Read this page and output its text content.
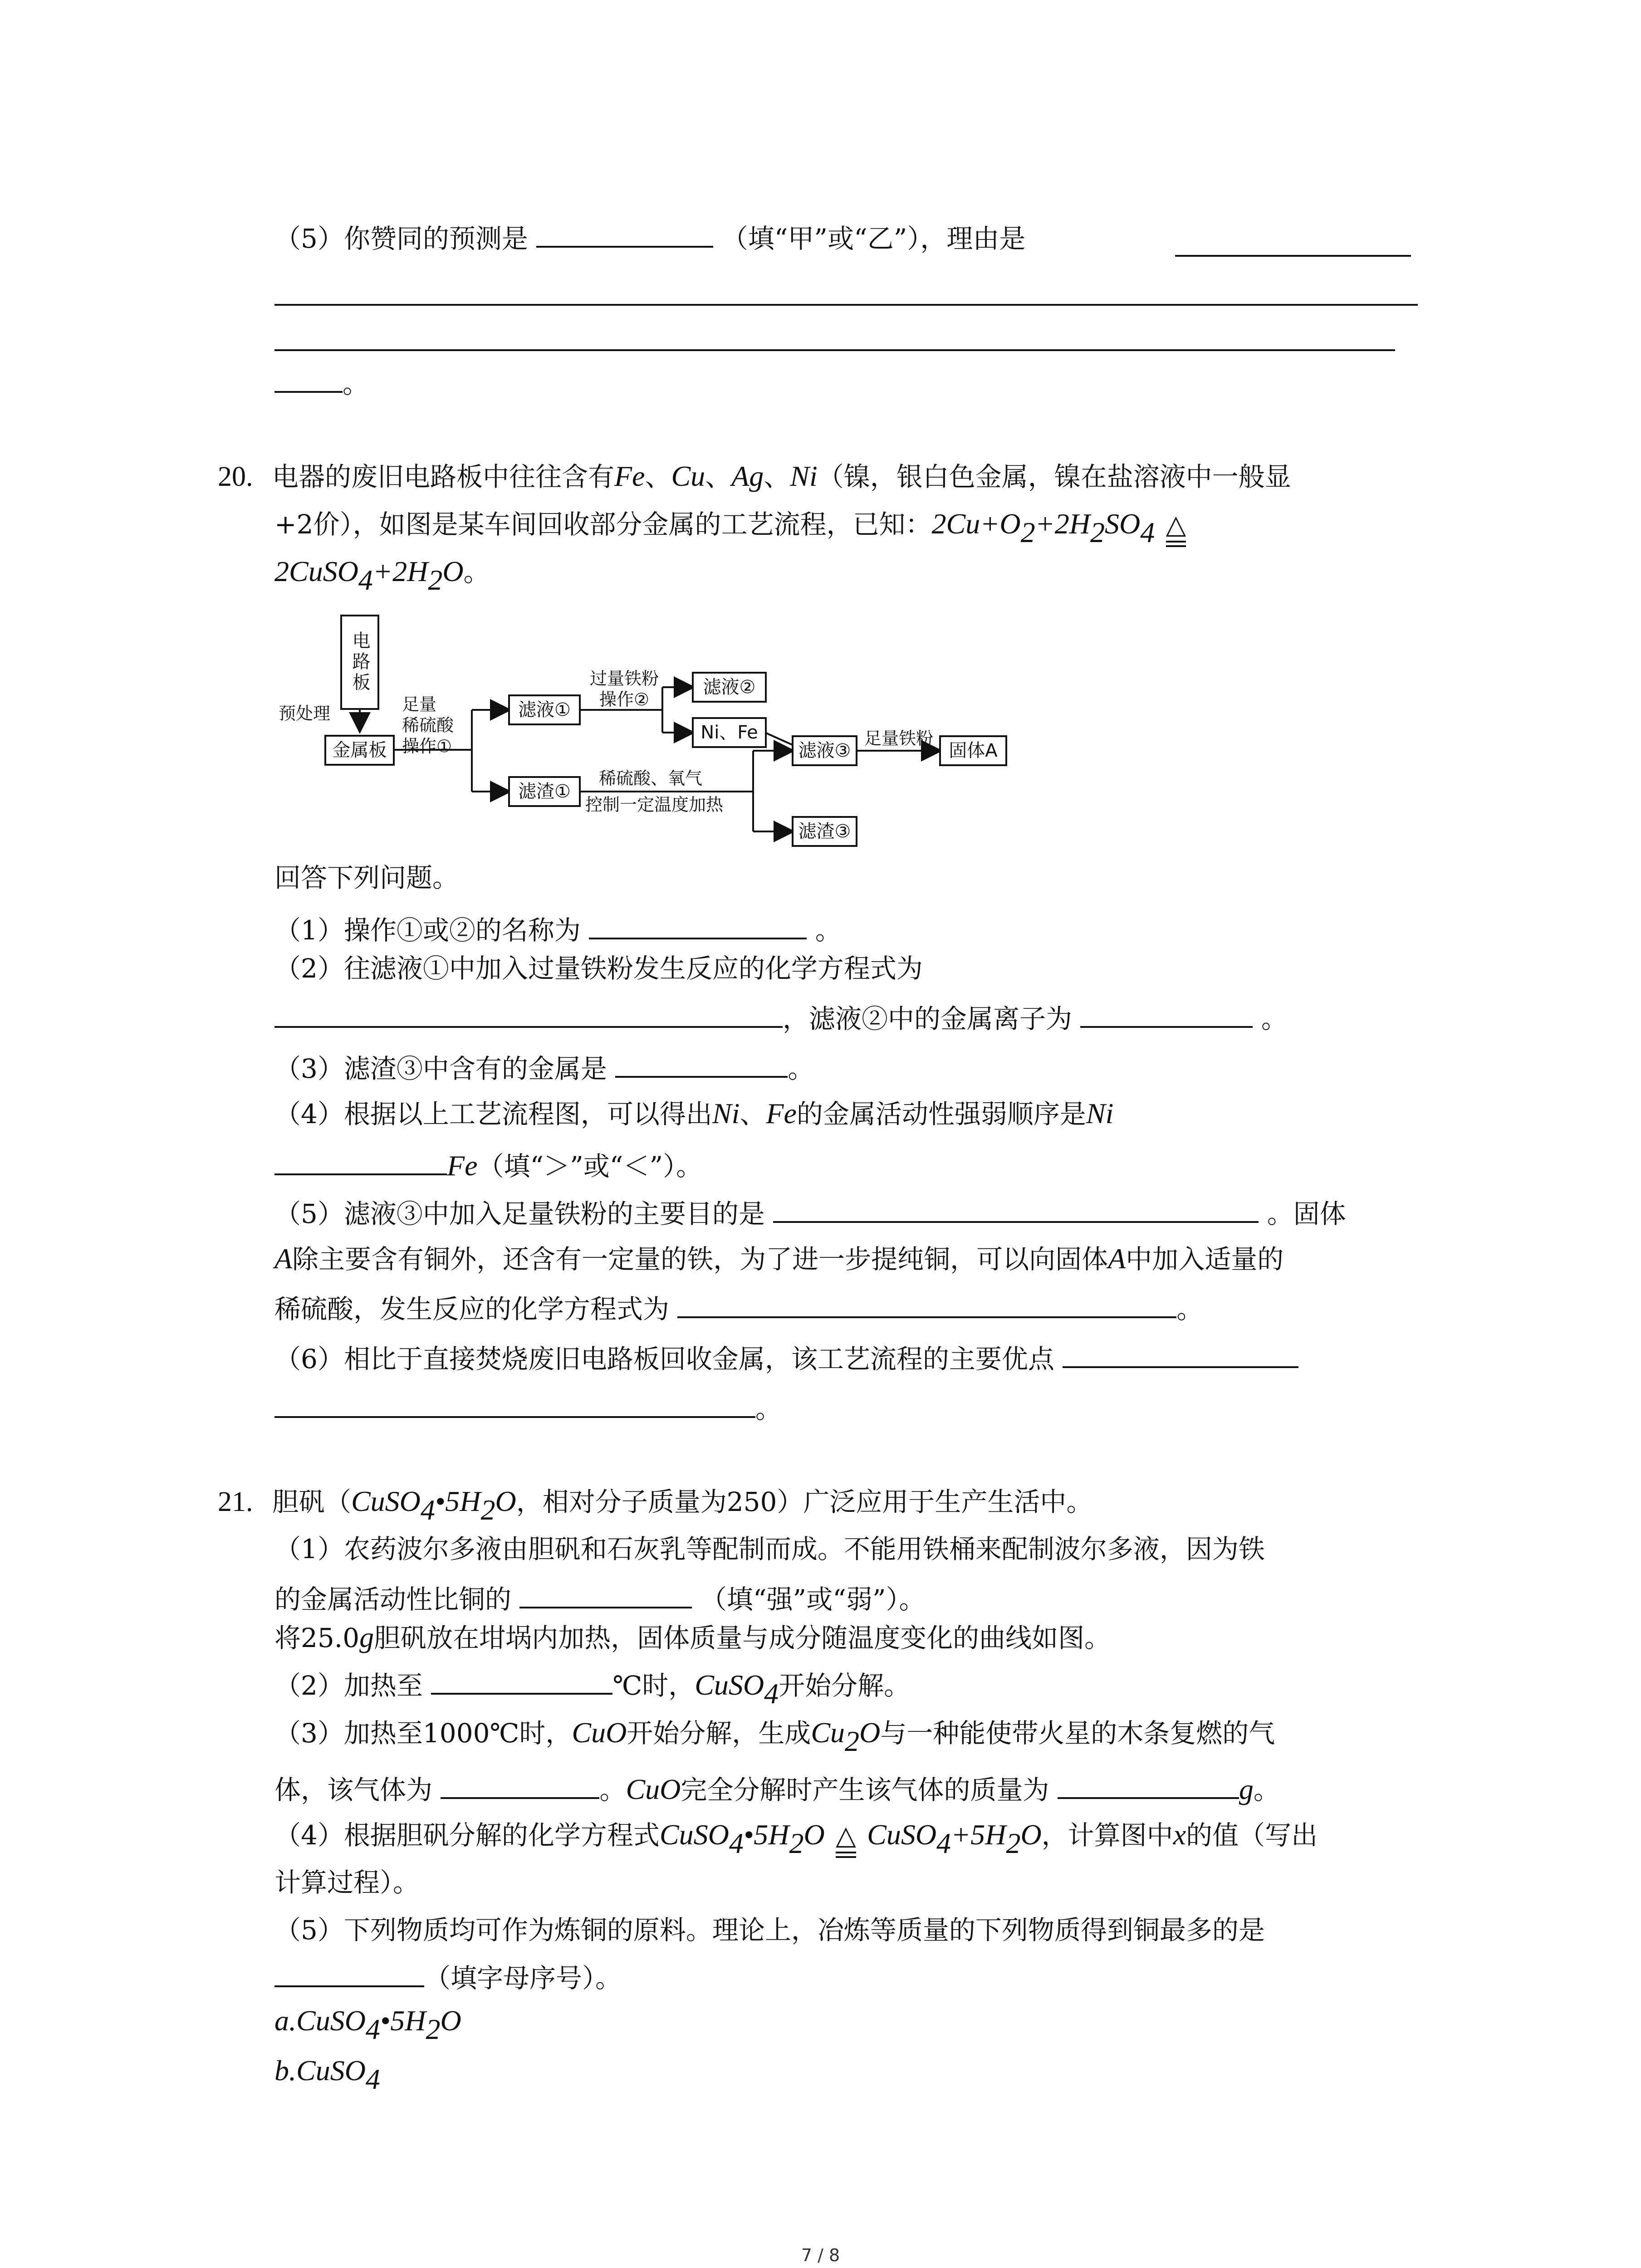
（5）你赞同的预测是	（填“甲”或“乙”），理由是
。
20. 电器的废旧电路板中往往含有Fe、Cu、Ag、Ni（镍，银白色金属，镍在盐溶液中一般显
+2价），如图是某车间回收部分金属的工艺流程，已知：$2Cu+O_2+2H_2SO_4$ △
$2CuSO_4+2H_2O$。
电路板
预处理
金属板
足量
稀硫酸
操作①
滤液①
滤渣①
过量铁粉
操作②
滤液②
Ni、Fe
滤液③
足量铁粉
固体A
稀硫酸、氧气
控制一定温度加热
滤渣③
回答下列问题。
（1）操作①或②的名称为	。
（2）往滤液①中加入过量铁粉发生反应的化学方程式为
，滤液②中的金属离子为	。
（3）滤渣③中含有的金属是	。
（4）根据以上工艺流程图，可以得出Ni、Fe的金属活动性强弱顺序是Ni
Fe（填“＞”或“＜”）。
（5）滤液③中加入足量铁粉的主要目的是	。固体
A除主要含有铜外，还含有一定量的铁，为了进一步提纯铜，可以向固体A中加入适量的
稀硫酸，发生反应的化学方程式为	。
（6）相比于直接焚烧废旧电路板回收金属，该工艺流程的主要优点
。
21. 胆矾（$CuSO_4•5H_2O$，相对分子质量为250）广泛应用于生产生活中。
（1）农药波尔多液由胆矾和石灰乳等配制而成。不能用铁桶来配制波尔多液，因为铁
的金属活动性比铜的	（填“强”或“弱”）。
将25.0g胆矾放在坩埚内加热，固体质量与成分随温度变化的曲线如图。
（2）加热至	℃时，CuSO$_4$开始分解。
（3）加热至1000℃时，CuO开始分解，生成$Cu_2O$与一种能使带火星的木条复燃的气
体，该气体为	。CuO完全分解时产生该气体的质量为	g。
（4）根据胆矾分解的化学方程式$CuSO_4•5H_2O$ △ $CuSO_4+5H_2O$，计算图中x的值（写出
计算过程）。
（5）下列物质均可作为炼铜的原料。理论上，冶炼等质量的下列物质得到铜最多的是
（填字母序号）。
$a.CuSO_4•5H_2O$
b.CuSO$_4$
7 / 8
